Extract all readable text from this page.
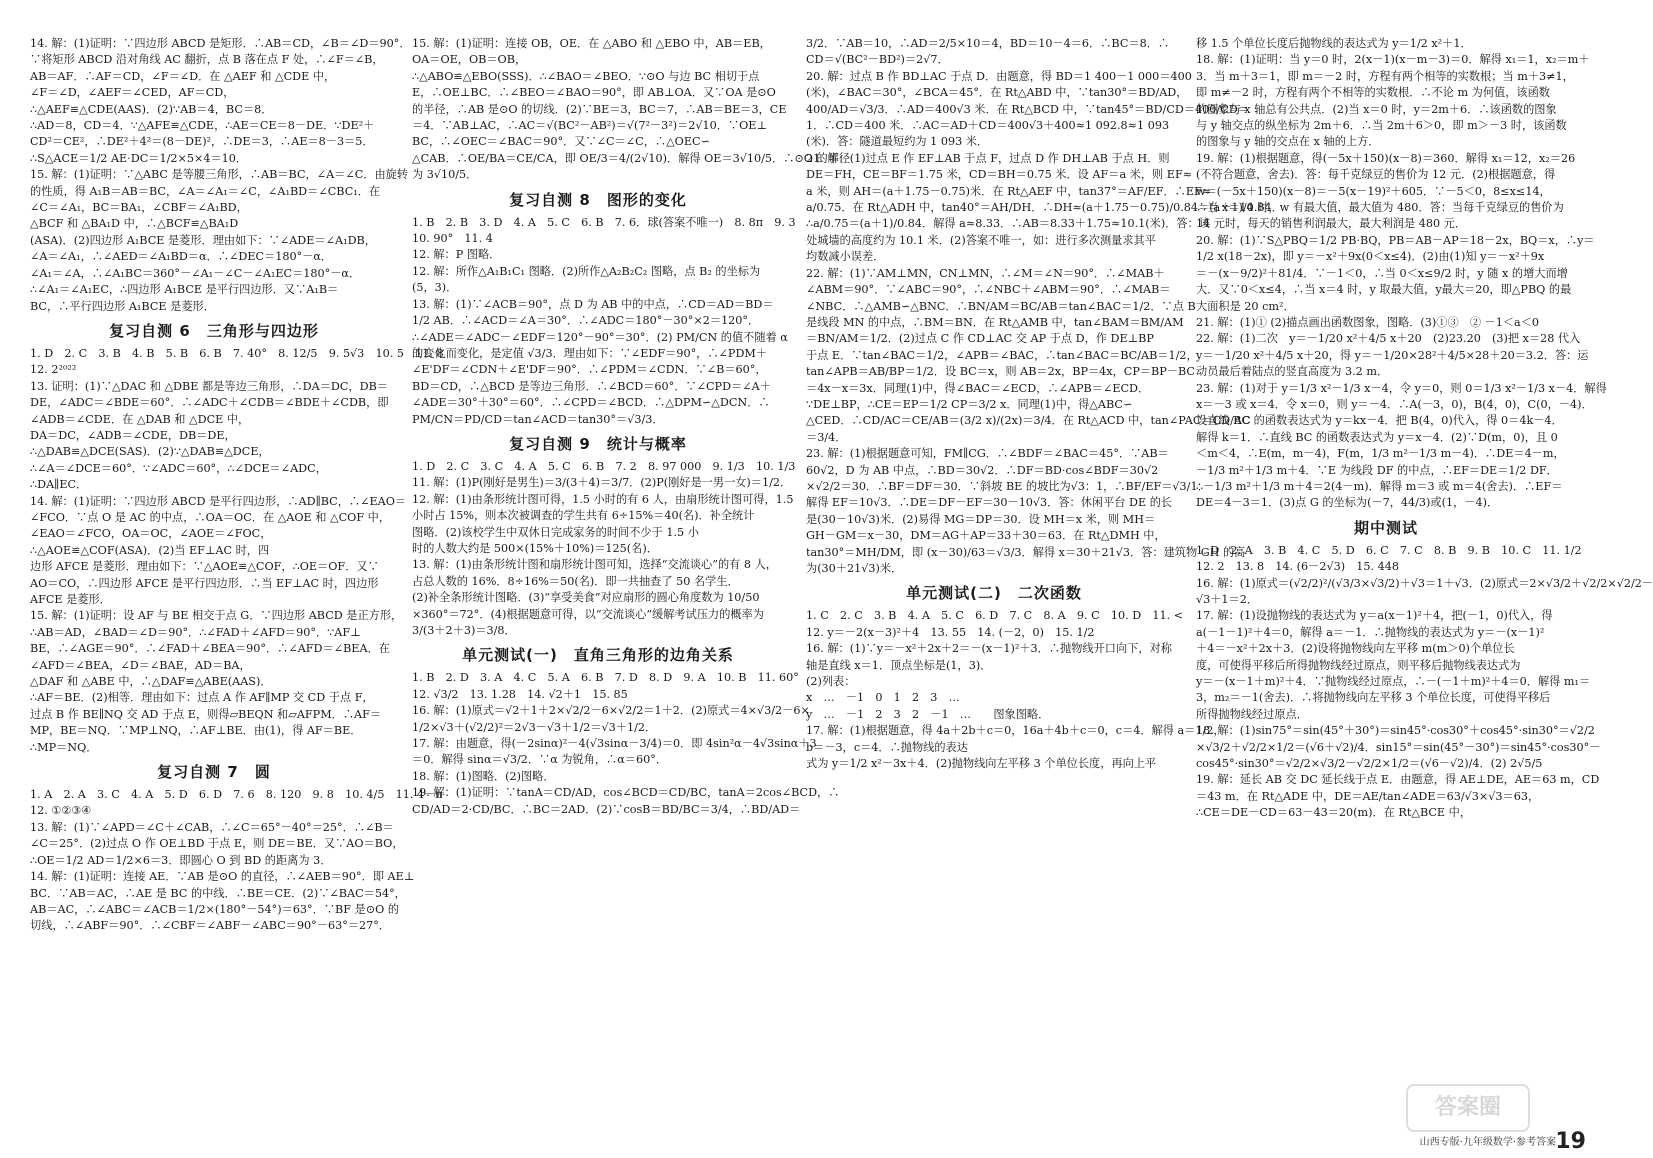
14. 解：(1)证明：∵四边形 ABCD 是矩形．∴AB＝CD，∠B＝∠D＝90°．
∵将矩形 ABCD 沿对角线 AC 翻折，点 B 落在点 F 处，∴∠F＝∠B，
AB＝AF．∴AF＝CD，∠F＝∠D．在 △AEF 和 △CDE 中，
∠F＝∠D，∠AEF＝∠CED，AF＝CD，
∴△AEF≌△CDE(AAS)．(2)∵AB＝4，BC＝8．
∴AD＝8，CD＝4．∵△AFE≌△CDE，∴AE＝CE＝8－DE．∵DE²＋
CD²＝CE²，∴DE²＋4²＝(8－DE)²，∴DE＝3，∴AE＝8－3＝5．
∴S△ACE＝1/2 AE·DC＝1/2×5×4＝10．
15. 解：(1)证明：∵△ABC 是等腰三角形，∴AB＝BC，∠A＝∠C．由旋转
的性质，得 A₁B＝AB＝BC，∠A＝∠A₁＝∠C，∠A₁BD＝∠CBC₁．在
∠C＝∠A₁，BC＝BA₁，∠CBF＝∠A₁BD，
△BCF 和 △BA₁D 中，∴△BCF≌△BA₁D
(ASA)．(2)四边形 A₁BCE 是菱形．理由如下：∵∠ADE＝∠A₁DB，
∠A＝∠A₁，∴∠AED＝∠A₁BD＝α．∴∠DEC＝180°－α．
∠A₁＝∠A，∴∠A₁BC＝360°－∠A₁－∠C－∠A₁EC＝180°－α．
∴∠A₁＝∠A₁EC，∴四边形 A₁BCE 是平行四边形．又∵A₁B＝
BC，∴平行四边形 A₁BCE 是菱形．
复习自测 6　三角形与四边形
1. D　2. C　3. B　4. B　5. B　6. B　7. 40°　8. 12/5　9. 5√3　10. 5　11. 8
12. 2²⁰²²
13. 证明：(1)∵△DAC 和 △DBE 都是等边三角形，∴DA＝DC，DB＝
DE，∠ADC＝∠BDE＝60°．∴∠ADC＋∠CDB＝∠BDE＋∠CDB，即
∠ADB＝∠CDE．在 △DAB 和 △DCE 中，
DA＝DC，∠ADB＝∠CDE，DB＝DE，
∴△DAB≌△DCE(SAS)．(2)∵△DAB≌△DCE，
∴∠A＝∠DCE＝60°．∵∠ADC＝60°，∴∠DCE＝∠ADC，
∴DA∥EC．
14. 解：(1)证明：∵四边形 ABCD 是平行四边形，∴AD∥BC，∴∠EAO＝
∠FCO．∵点 O 是 AC 的中点，∴OA＝OC．在 △AOE 和 △COF 中，
∠EAO＝∠FCO，OA＝OC，∠AOE＝∠FOC，
∴△AOE≌△COF(ASA)．(2)当 EF⊥AC 时，四
边形 AFCE 是菱形．理由如下：∵△AOE≌△COF，∴OE＝OF．又∵
AO＝CO，∴四边形 AFCE 是平行四边形．∴当 EF⊥AC 时，四边形
AFCE 是菱形．
15. 解：(1)证明：设 AF 与 BE 相交于点 G．∵四边形 ABCD 是正方形，
∴AB＝AD，∠BAD＝∠D＝90°．∴∠FAD＋∠AFD＝90°．∵AF⊥
BE，∴∠AGE＝90°．∴∠FAD＋∠BEA＝90°．∴∠AFD＝∠BEA．在
∠AFD＝∠BEA，∠D＝∠BAE，AD＝BA，
△DAF 和 △ABE 中，∴△DAF≌△ABE(AAS)．
∴AF＝BE．(2)相等．理由如下：过点 A 作 AF∥MP 交 CD 于点 F，
过点 B 作 BE∥NQ 交 AD 于点 E，则得▱BEQN 和▱AFPM．∴AF＝
MP，BE＝NQ．∵MP⊥NQ，∴AF⊥BE．由(1)，得 AF＝BE．
∴MP＝NQ．
复习自测 7　圆
1. A　2. A　3. C　4. A　5. D　6. D　7. 6　8. 120　9. 8　10. 4/5　11. 4－π
12. ①②③④
13. 解：(1)∵∠APD＝∠C＋∠CAB，∴∠C＝65°－40°＝25°．∴∠B＝
∠C＝25°．(2)过点 O 作 OE⊥BD 于点 E，则 DE＝BE．又∵AO＝BO，
∴OE＝1/2 AD＝1/2×6＝3．即圆心 O 到 BD 的距离为 3．
14. 解：(1)证明：连接 AE．∵AB 是⊙O 的直径，∴∠AEB＝90°．即 AE⊥
BC．∵AB＝AC，∴AE 是 BC 的中线．∴BE＝CE．(2)∵∠BAC＝54°，
AB＝AC，∴∠ABC＝∠ACB＝1/2×(180°－54°)＝63°．∵BF 是⊙O 的
切线，∴∠ABF＝90°．∴∠CBF＝∠ABF－∠ABC＝90°－63°＝27°．
15. 解：(1)证明：连接 OB，OE．在 △ABO 和 △EBO 中，AB＝EB，
OA＝OE，OB＝OB，
∴△ABO≌△EBO(SSS)．∴∠BAO＝∠BEO．∵⊙O 与边 BC 相切于点
E，∴OE⊥BC．∴∠BEO＝∠BAO＝90°，即 AB⊥OA．又∵OA 是⊙O
的半径，∴AB 是⊙O 的切线．(2)∵BE＝3，BC＝7，∴AB＝BE＝3，CE
＝4．∵AB⊥AC，∴AC＝√(BC²－AB²)＝√(7²－3²)＝2√10．∵OE⊥
BC，∴∠OEC＝∠BAC＝90°．又∵∠C＝∠C，∴△OEC∽
△CAB．∴OE/BA＝CE/CA，即 OE/3＝4/(2√10)．解得 OE＝3√10/5．∴⊙O 的半径
为 3√10/5．
复习自测 8　图形的变化
1. B　2. B　3. D　4. A　5. C　6. B　7. 6．球(答案不唯一)　8. 8π　9. 3
10. 90°　11. 4
12. 解：P 图略．
12. 解：所作△A₁B₁C₁ 图略．(2)所作△A₂B₂C₂ 图略，点 B₂ 的坐标为
(5，3)．
13. 解：(1)∵∠ACB＝90°，点 D 为 AB 中的中点，∴CD＝AD＝BD＝
1/2 AB．∴∠ACD＝∠A＝30°．∴∠ADC＝180°－30°×2＝120°．
∴∠ADE＝∠ADC－∠EDF＝120°－90°＝30°．(2) PM/CN 的值不随着 α
的变化而变化，是定值 √3/3．理由如下：∵∠EDF＝90°，∴∠PDM＋
∠E'DF＝∠CDN＋∠E'DF＝90°．∴∠PDM＝∠CDN．∵∠B＝60°，
BD＝CD，∴△BCD 是等边三角形．∴∠BCD＝60°．∵∠CPD＝∠A＋
∠ADE＝30°＋30°＝60°．∴∠CPD＝∠BCD．∴△DPM∽△DCN．∴
PM/CN＝PD/CD＝tan∠ACD＝tan30°＝√3/3．
复习自测 9　统计与概率
1. D　2. C　3. C　4. A　5. C　6. B　7. 2　8. 97 000　9. 1/3　10. 1/3
11. 解：(1)P(刚好是男生)＝3/(3＋4)＝3/7．(2)P(刚好是一男一女)＝1/2．
12. 解：(1)由条形统计图可得，1.5 小时的有 6 人，由扇形统计图可得，1.5
小时占 15%，则本次被调查的学生共有 6÷15%＝40(名)．补全统计
图略．(2)该校学生中双休日完成家务的时间不少于 1.5 小
时的人数大约是 500×(15%＋10%)＝125(名)．
13. 解：(1)由条形统计图和扇形统计图可知，选择“交流谈心”的有 8 人，
占总人数的 16%．8÷16%＝50(名)．即一共抽查了 50 名学生．
(2)补全条形统计图略．(3)“享受美食”对应扇形的圆心角度数为 10/50
×360°＝72°．(4)根据题意可得，以“交流谈心”缓解考试压力的概率为
3/(3＋2＋3)＝3/8．
单元测试(一)　直角三角形的边角关系
1. B　2. D　3. A　4. C　5. A　6. B　7. D　8. D　9. A　10. B　11. 60°
12. √3/2　13. 1.28　14. √2＋1　15. 85
16. 解：(1)原式＝√2＋1＋2×√2/2－6×√2/2＝1＋2．(2)原式＝4×√3/2－6×
1/2×√3＋(√2/2)²＝2√3－√3＋1/2＝√3＋1/2．
17. 解：由题意，得(－2sinα)²－4(√3sinα－3/4)＝0．即 4sin²α－4√3sinα＋3
＝0．解得 sinα＝√3/2．∵α 为锐角，∴α＝60°．
18. 解：(1)图略．(2)图略．
19. 解：(1)证明：∵tanA＝CD/AD，cos∠BCD＝CD/BC，tanA＝2cos∠BCD，∴
CD/AD＝2·CD/BC．∴BC＝2AD．(2)∵cosB＝BD/BC＝3/4，∴BD/AD＝
3/2．∵AB＝10，∴AD＝2/5×10＝4，BD＝10－4＝6．∴BC＝8．∴
CD＝√(BC²－BD²)＝2√7．
20. 解：过点 B 作 BD⊥AC 于点 D．由题意，得 BD＝1 400－1 000＝400
(米)，∠BAC＝30°，∠BCA＝45°．在 Rt△ABD 中，∵tan30°＝BD/AD，
400/AD＝√3/3．∴AD＝400√3 米．在 Rt△BCD 中，∵tan45°＝BD/CD＝400/CD＝
1．∴CD＝400 米．∴AC＝AD＋CD＝400√3＋400≈1 092.8≈1 093
(米)．答：隧道最短约为 1 093 米．
21. 解：(1)过点 E 作 EF⊥AB 于点 F，过点 D 作 DH⊥AB 于点 H．则
DE＝FH，CE＝BF＝1.75 米，CD＝BH＝0.75 米．设 AF＝a 米，则 EF≈
a 米，则 AH＝(a＋1.75－0.75)米．在 Rt△AEF 中，tan37°＝AF/EF．∴EF≈
a/0.75．在 Rt△ADH 中，tan40°＝AH/DH．∴DH≈(a＋1.75－0.75)/0.84＝(a＋1)/0.84．
∴a/0.75＝(a＋1)/0.84．解得 a≈8.33．∴AB＝8.33＋1.75≈10.1(米)．答：该
处城墙的高度约为 10.1 米．(2)答案不唯一，如：进行多次测量求其平
均数减小误差．
22. 解：(1)∵AM⊥MN，CN⊥MN，∴∠M＝∠N＝90°．∴∠MAB＋
∠ABM＝90°．∵∠ABC＝90°，∴∠NBC＋∠ABM＝90°．∴∠MAB＝
∠NBC．∴△AMB∽△BNC．∴BN/AM＝BC/AB＝tan∠BAC＝1/2．∵点 B
是线段 MN 的中点，∴BM＝BN．在 Rt△AMB 中，tan∠BAM＝BM/AM
＝BN/AM＝1/2．(2)过点 C 作 CD⊥AC 交 AP 于点 D，作 DE⊥BP
于点 E．∵tan∠BAC＝1/2，∠APB＝∠BAC，∴tan∠BAC＝BC/AB＝1/2，
tan∠APB＝AB/BP＝1/2．设 BC＝x，则 AB＝2x，BP＝4x，CP＝BP－BC
＝4x－x＝3x．同理(1)中，得∠BAC＝∠ECD，∴∠APB＝∠ECD．
∵DE⊥BP，∴CE＝EP＝1/2 CP＝3/2 x．同理(1)中，得△ABC∽
△CED．∴CD/AC＝CE/AB＝(3/2 x)/(2x)＝3/4．在 Rt△ACD 中，tan∠PAC＝CD/AC
＝3/4．
23. 解：(1)根据题意可知，FM∥CG．∴∠BDF＝∠BAC＝45°．∵AB＝
60√2，D 为 AB 中点，∴BD＝30√2．∴DF＝BD·cos∠BDF＝30√2
×√2/2＝30．∴BF＝DF＝30．∵斜坡 BE 的坡比为√3：1，∴BF/EF＝√3/1．
解得 EF＝10√3．∴DE＝DF－EF＝30－10√3．答：休闲平台 DE 的长
是(30－10√3)米．(2)易得 MG＝DP＝30．设 MH＝x 米，则 MH＝
GH－GM＝x－30，DM＝AG＋AP＝33＋30＝63．在 Rt△DMH 中，
tan30°＝MH/DM，即 (x－30)/63＝√3/3．解得 x＝30＋21√3．答：建筑物 GH 的高
为(30＋21√3)米．
单元测试(二)　二次函数
1. C　2. C　3. B　4. A　5. C　6. D　7. C　8. A　9. C　10. D　11. <
12. y＝－2(x－3)²＋4　13. 55　14. (－2，0)　15. 1/2
16. 解：(1)∵y＝－x²＋2x＋2＝－(x－1)²＋3．∴抛物线开口向下，对称
轴是直线 x＝1．顶点坐标是(1，3)．
(2)列表：
x　…　－1　0　1　2　3　…
y　…　－1　2　3　2　－1　…　　图象图略．
17. 解：(1)根据题意，得 4a＋2b＋c＝0，16a＋4b＋c＝0，c＝4．解得 a＝1/2，
b＝－3，c＝4．∴抛物线的表达
式为 y＝1/2 x²－3x＋4．(2)抛物线向左平移 3 个单位长度，再向上平
移 1.5 个单位长度后抛物线的表达式为 y＝1/2 x²＋1．
18. 解：(1)证明：当 y＝0 时，2(x－1)(x－m－3)＝0．解得 x₁＝1，x₂＝m＋
3．当 m＋3＝1，即 m＝－2 时，方程有两个相等的实数根；当 m＋3≠1，
即 m≠－2 时，方程有两个不相等的实数根．∴不论 m 为何值，该函数
的图象与 x 轴总有公共点．(2)当 x＝0 时，y＝2m＋6．∴该函数的图象
与 y 轴交点的纵坐标为 2m＋6．∴当 2m＋6＞0，即 m＞－3 时，该函数
的图象与 y 轴的交点在 x 轴的上方．
19. 解：(1)根据题意，得(－5x＋150)(x－8)＝360．解得 x₁＝12，x₂＝26
(不符合题意，舍去)．答：每千克绿豆的售价为 12 元．(2)根据题意，得
w＝(－5x＋150)(x－8)＝－5(x－19)²＋605．∵－5＜0，8≤x≤14，
∴当 x＝14 时，w 有最大值，最大值为 480．答：当每千克绿豆的售价为
14 元时，每天的销售利润最大，最大利润是 480 元．
20. 解：(1)∵S△PBQ＝1/2 PB·BQ，PB＝AB－AP＝18－2x，BQ＝x，∴y＝
1/2 x(18－2x)，即 y＝－x²＋9x(0＜x≤4)．(2)由(1)知 y＝－x²＋9x
＝－(x－9/2)²＋81/4．∵－1＜0，∴当 0＜x≤9/2 时，y 随 x 的增大而增
大．又∵0＜x≤4，∴当 x＝4 时，y 取最大值，y最大＝20，即△PBQ 的最
大面积是 20 cm²．
21. 解：(1)① (2)描点画出函数图象，图略．(3)①③　② －1＜a＜0
22. 解：(1)二次　y＝－1/20 x²＋4/5 x＋20　(2)23.20　(3)把 x＝28 代入
y＝－1/20 x²＋4/5 x＋20，得 y＝－1/20×28²＋4/5×28＋20＝3.2．答：运
动员最后着陆点的竖直高度为 3.2 m．
23. 解：(1)对于 y＝1/3 x²－1/3 x－4，令 y＝0，则 0＝1/3 x²－1/3 x－4．解得
x＝－3 或 x＝4．令 x＝0，则 y＝－4．∴A(－3，0)，B(4，0)，C(0，－4)．
设直线 BC 的函数表达式为 y＝kx－4．把 B(4，0)代入，得 0＝4k－4．
解得 k＝1．∴直线 BC 的函数表达式为 y＝x－4．(2)∵D(m，0)，且 0
＜m＜4，∴E(m，m－4)，F(m，1/3 m²－1/3 m－4)．∴DE＝4－m，
－1/3 m²＋1/3 m＋4．∵E 为线段 DF 的中点，∴EF＝DE＝1/2 DF．
∴－1/3 m²＋1/3 m＋4＝2(4－m)．解得 m＝3 或 m＝4(舍去)．∴EF＝
DE＝4－3＝1．(3)点 G 的坐标为(－7，44/3)或(1，－4)．
期中测试
1. D　2. A　3. B　4. C　5. D　6. C　7. C　8. B　9. B　10. C　11. 1/2
12. 2　13. 8　14. (6－2√3)　15. 448
16. 解：(1)原式＝(√2/2)²/(√3/3×√3/2)＋√3＝1＋√3．(2)原式＝2×√3/2＋√2/2×√2/2－
√3＋1＝2．
17. 解：(1)设抛物线的表达式为 y＝a(x－1)²＋4，把(－1，0)代入，得
a(－1－1)²＋4＝0，解得 a＝－1．∴抛物线的表达式为 y＝－(x－1)²
＋4＝－x²＋2x＋3．(2)设将抛物线向左平移 m(m＞0)个单位长
度，可使得平移后所得抛物线经过原点，则平移后抛物线表达式为
y＝－(x－1＋m)²＋4．∵抛物线经过原点，∴－(－1＋m)²＋4＝0．解得 m₁＝
3，m₂＝－1(舍去)．∴将抛物线向左平移 3 个单位长度，可使得平移后
所得抛物线经过原点．
18. 解：(1)sin75°＝sin(45°＋30°)＝sin45°·cos30°＋cos45°·sin30°＝√2/2
×√3/2＋√2/2×1/2＝(√6＋√2)/4．sin15°＝sin(45°－30°)＝sin45°·cos30°－
cos45°·sin30°＝√2/2×√3/2－√2/2×1/2＝(√6－√2)/4．(2) 2√5/5
19. 解：延长 AB 交 DC 延长线于点 E．由题意，得 AE⊥DE，AE＝63 m，CD
＝43 m．在 Rt△ADE 中，DE＝AE/tan∠ADE＝63/√3×√3＝63，
∴CE＝DE－CD＝63－43＝20(m)．在 Rt△BCE 中，
答案圈
山西专版·九年级数学·参考答案 19
